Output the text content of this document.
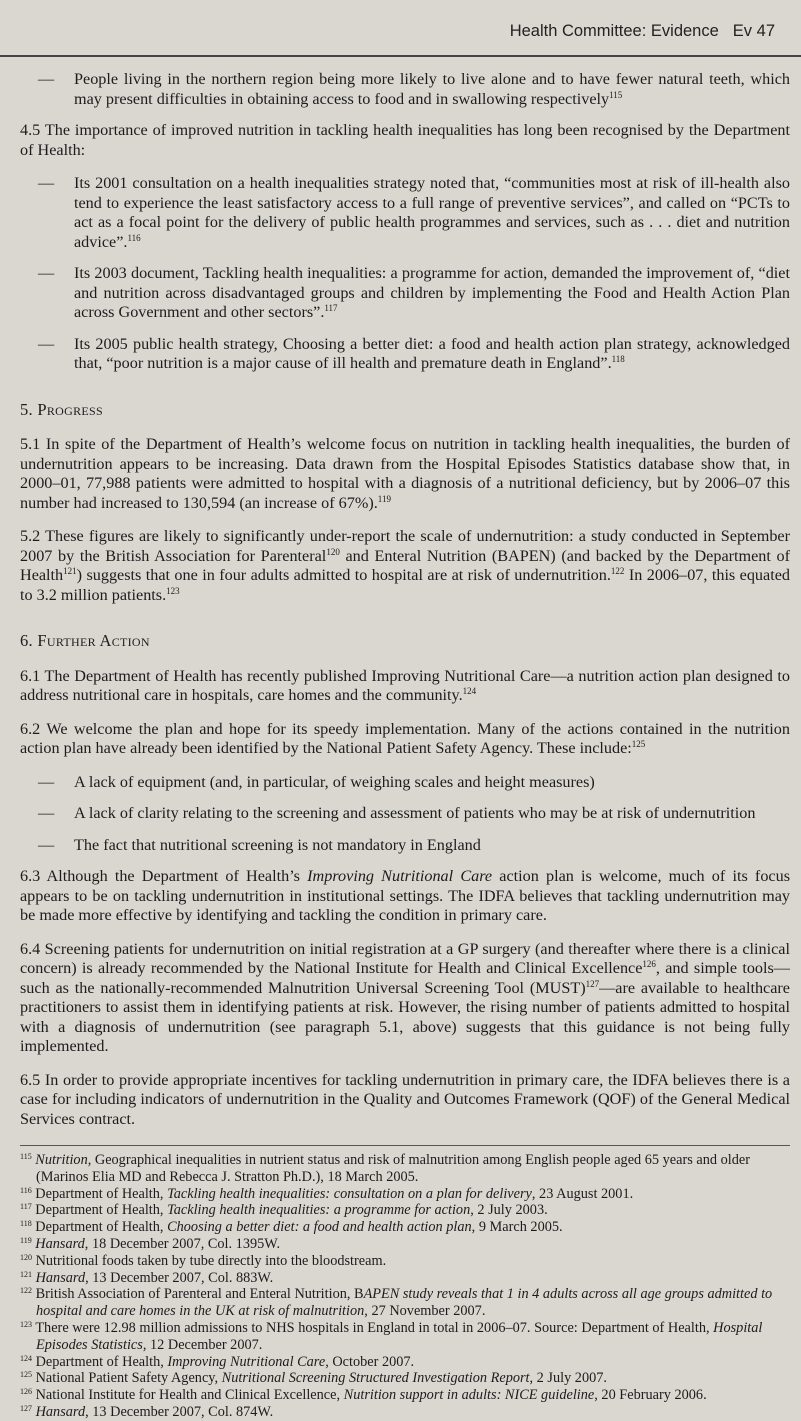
Health Committee: Evidence Ev 47
—	People living in the northern region being more likely to live alone and to have fewer natural teeth, which may present difficulties in obtaining access to food and in swallowing respectively$^{115}$

4.5 The importance of improved nutrition in tackling health inequalities has long been recognised by the Department of Health:

—	Its 2001 consultation on a health inequalities strategy noted that, “communities most at risk of ill-health also tend to experience the least satisfactory access to a full range of preventive services”, and called on “PCTs to act as a focal point for the delivery of public health programmes and services, such as . . . diet and nutrition advice”.$^{116}$
—	Its 2003 document, Tackling health inequalities: a programme for action, demanded the improvement of, “diet and nutrition across disadvantaged groups and children by implementing the Food and Health Action Plan across Government and other sectors”.$^{117}$
—	Its 2005 public health strategy, Choosing a better diet: a food and health action plan strategy, acknowledged that, “poor nutrition is a major cause of ill health and premature death in England”.$^{118}$
5. Progress

5.1 In spite of the Department of Health’s welcome focus on nutrition in tackling health inequalities, the burden of undernutrition appears to be increasing. Data drawn from the Hospital Episodes Statistics database show that, in 2000–01, 77,988 patients were admitted to hospital with a diagnosis of a nutritional deficiency, but by 2006–07 this number had increased to 130,594 (an increase of 67%).$^{119}$

5.2 These figures are likely to significantly under-report the scale of undernutrition: a study conducted in September 2007 by the British Association for Parenteral$^{120}$ and Enteral Nutrition (BAPEN) (and backed by the Department of Health$^{121}$) suggests that one in four adults admitted to hospital are at risk of undernutrition.$^{122}$ In 2006–07, this equated to 3.2 million patients.$^{123}$

6. Further Action

6.1 The Department of Health has recently published Improving Nutritional Care—a nutrition action plan designed to address nutritional care in hospitals, care homes and the community.$^{124}$

6.2 We welcome the plan and hope for its speedy implementation. Many of the actions contained in the nutrition action plan have already been identified by the National Patient Safety Agency. These include:$^{125}$

—	A lack of equipment (and, in particular, of weighing scales and height measures)
—	A lack of clarity relating to the screening and assessment of patients who may be at risk of undernutrition
—	The fact that nutritional screening is not mandatory in England

6.3 Although the Department of Health’s Improving Nutritional Care action plan is welcome, much of its focus appears to be on tackling undernutrition in institutional settings. The IDFA believes that tackling undernutrition may be made more effective by identifying and tackling the condition in primary care.

6.4 Screening patients for undernutrition on initial registration at a GP surgery (and thereafter where there is a clinical concern) is already recommended by the National Institute for Health and Clinical Excellence$^{126}$, and simple tools—such as the nationally-recommended Malnutrition Universal Screening Tool (MUST)$^{127}$—are available to healthcare practitioners to assist them in identifying patients at risk. However, the rising number of patients admitted to hospital with a diagnosis of undernutrition (see paragraph 5.1, above) suggests that this guidance is not being fully implemented.

6.5 In order to provide appropriate incentives for tackling undernutrition in primary care, the IDFA believes there is a case for including indicators of undernutrition in the Quality and Outcomes Framework (QOF) of the General Medical Services contract.

$^{115}$ Nutrition, Geographical inequalities in nutrient status and risk of malnutrition among English people aged 65 years and older (Marinos Elia MD and Rebecca J. Stratton Ph.D.), 18 March 2005.

$^{116}$ Department of Health, Tackling health inequalities: consultation on a plan for delivery, 23 August 2001.

$^{117}$ Department of Health, Tackling health inequalities: a programme for action, 2 July 2003.

$^{118}$ Department of Health, Choosing a better diet: a food and health action plan, 9 March 2005.

$^{119}$ Hansard, 18 December 2007, Col. 1395W.

$^{120}$ Nutritional foods taken by tube directly into the bloodstream.

$^{121}$ Hansard, 13 December 2007, Col. 883W.

$^{122}$ British Association of Parenteral and Enteral Nutrition, BAPEN study reveals that 1 in 4 adults across all age groups admitted to hospital and care homes in the UK at risk of malnutrition, 27 November 2007.

$^{123}$ There were 12.98 million admissions to NHS hospitals in England in total in 2006–07. Source: Department of Health, Hospital Episodes Statistics, 12 December 2007.

$^{124}$ Department of Health, Improving Nutritional Care, October 2007.

$^{125}$ National Patient Safety Agency, Nutritional Screening Structured Investigation Report, 2 July 2007.

$^{126}$ National Institute for Health and Clinical Excellence, Nutrition support in adults: NICE guideline, 20 February 2006.

$^{127}$ Hansard, 13 December 2007, Col. 874W.
